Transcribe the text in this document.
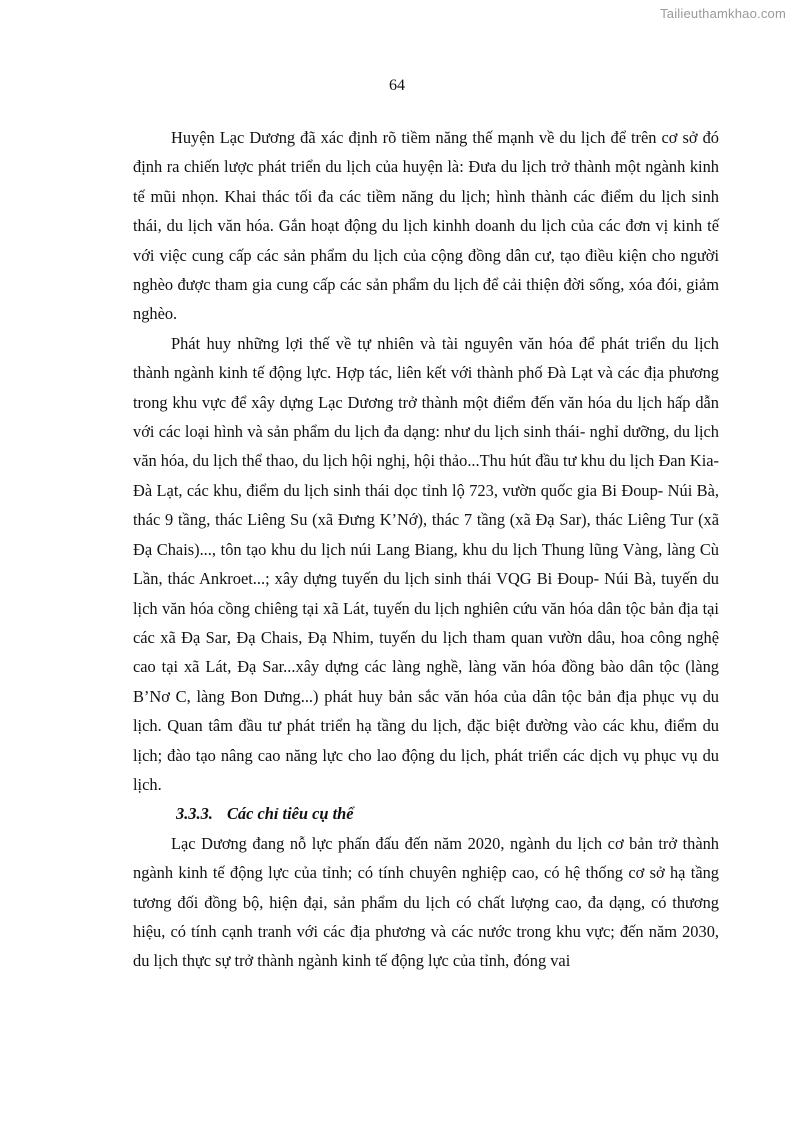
Tailieuthamkhao.com
64

Huyện Lạc Dương đã xác định rõ tiềm năng thế mạnh về du lịch để trên cơ sở đó định ra chiến lược phát triển du lịch của huyện là: Đưa du lịch trở thành một ngành kinh tế mũi nhọn. Khai thác tối đa các tiềm năng du lịch; hình thành các điểm du lịch sinh thái, du lịch văn hóa. Gắn hoạt động du lịch kinhh doanh du lịch của các đơn vị kinh tế với việc cung cấp các sản phẩm du lịch của cộng đồng dân cư, tạo điều kiện cho người nghèo được tham gia cung cấp các sản phẩm du lịch để cải thiện đời sống, xóa đói, giảm nghèo.

Phát huy những lợi thế về tự nhiên và tài nguyên văn hóa để phát triển du lịch thành ngành kinh tế động lực. Hợp tác, liên kết với thành phố Đà Lạt và các địa phương trong khu vực để xây dựng Lạc Dương trở thành một điểm đến văn hóa du lịch hấp dẫn với các loại hình và sản phẩm du lịch đa dạng: như du lịch sinh thái- nghỉ dưỡng, du lịch văn hóa, du lịch thể thao, du lịch hội nghị, hội thảo...Thu hút đầu tư khu du lịch Đan Kia- Đà Lạt, các khu, điểm du lịch sinh thái dọc tỉnh lộ 723, vườn quốc gia Bi Đoup- Núi Bà, thác 9 tầng, thác Liêng Su (xã Đưng K’Nớ), thác 7 tầng (xã Đạ Sar), thác Liêng Tur (xã Đạ Chais)..., tôn tạo khu du lịch núi Lang Biang, khu du lịch Thung lũng Vàng, làng Cù Lần, thác Ankroet...; xây dựng tuyến du lịch sinh thái VQG Bi Đoup- Núi Bà, tuyến du lịch văn hóa cồng chiêng tại xã Lát, tuyến du lịch nghiên cứu văn hóa dân tộc bản địa tại các xã Đạ Sar, Đạ Chais, Đạ Nhim, tuyến du lịch tham quan vườn dâu, hoa công nghệ cao tại xã Lát, Đạ Sar...xây dựng các làng nghề, làng văn hóa đồng bào dân tộc (làng B’Nơ C, làng Bon Dưng...) phát huy bản sắc văn hóa của dân tộc bản địa phục vụ du lịch. Quan tâm đầu tư phát triển hạ tầng du lịch, đặc biệt đường vào các khu, điểm du lịch; đào tạo nâng cao năng lực cho lao động du lịch, phát triển các dịch vụ phục vụ du lịch.

3.3.3. Các chỉ tiêu cụ thể

Lạc Dương đang nỗ lực phấn đấu đến năm 2020, ngành du lịch cơ bản trở thành ngành kinh tế động lực của tỉnh; có tính chuyên nghiệp cao, có hệ thống cơ sở hạ tầng tương đối đồng bộ, hiện đại, sản phẩm du lịch có chất lượng cao, đa dạng, có thương hiệu, có tính cạnh tranh với các địa phương và các nước trong khu vực; đến năm 2030, du lịch thực sự trở thành ngành kinh tế động lực của tỉnh, đóng vai
